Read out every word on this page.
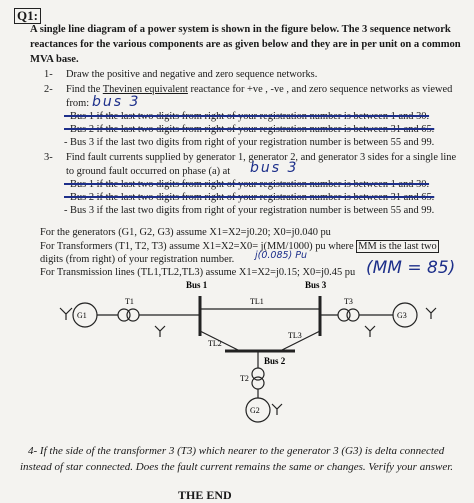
Q1:
A single line diagram of a power system is shown in the figure below. The 3 sequence network reactances for the various components are as given below and they are in per unit on a common MVA base.
1- Draw the positive and negative and zero sequence networks.
2- Find the Thevinen equivalent reactance for +ve , -ve , and zero sequence networks as viewed
from: bus 3
- Bus 1 if the last two digits from right of your registration number is between 1 and 30.
- Bus 2 if the last two digits from right of your registration number is between 31 and 65.
- Bus 3 if the last two digits from right of your registration number is between 55 and 99.
3- Find fault currents supplied by generator 1, generator 2, and generator 3 sides for a single line
to ground fault occurred on phase (a) at bus 3
- Bus 1 if the last two digits from right of your registration number is between 1 and 30.
- Bus 2 if the last two digits from right of your registration number is between 31 and 65.
- Bus 3 if the last two digits from right of your registration number is between 55 and 99.
For the generators (G1, G2, G3) assume X1=X2=j0.20; X0=j0.040 pu
For Transformers (T1, T2, T3) assume X1=X2=X0= j(MM/1000) pu where MM is the last two
digits (from right) of your registration number. j(0.085) Pu
For Transmission lines (TL1,TL2,TL3) assume X1=X2=j0.15; X0=j0.45 pu (MM = 85)
Bus 1	Bus 3
Bus 2
T1	T3
T2
TL1
TL2
TL3
G1	G3
G2
4- If the side of the transformer 3 (T3) which nearer to the generator 3 (G3) is delta connected
instead of star connected. Does the fault current remains the same or changes. Verify your answer.
THE END
